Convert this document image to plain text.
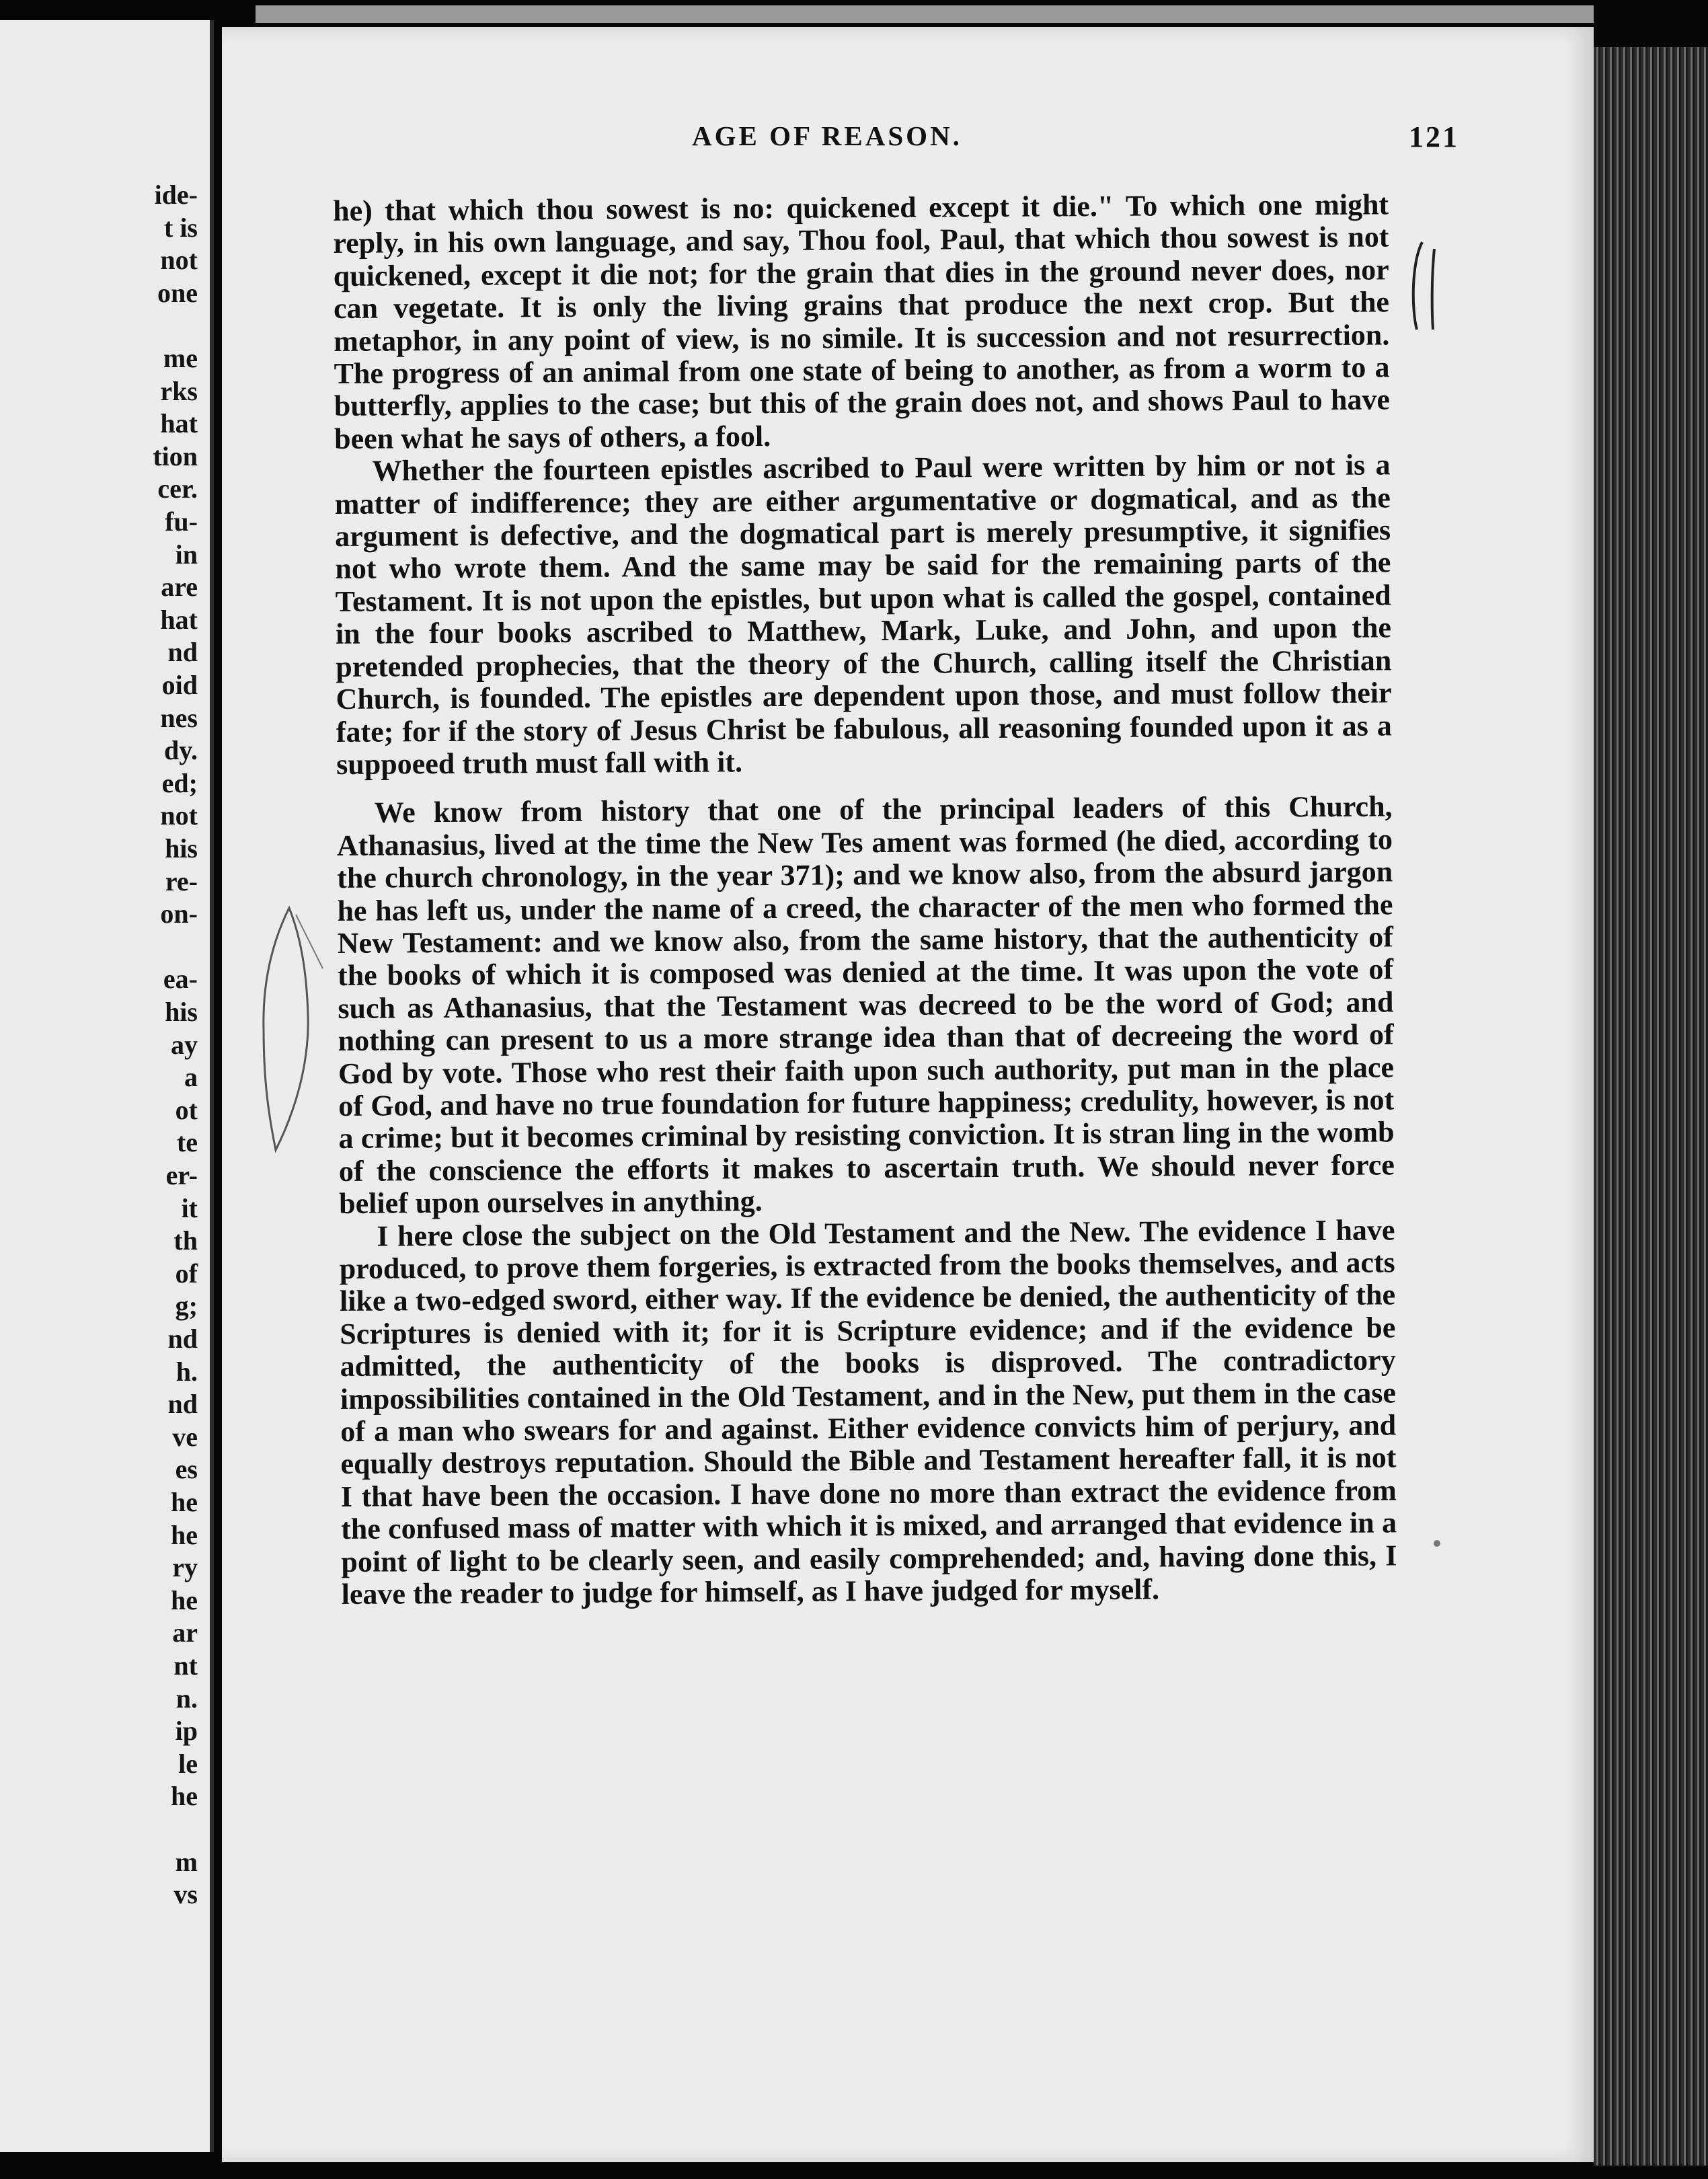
ide-
t is
not
one
me
rks
hat
tion
cer.
fu-
in
are
hat
nd
oid
nes
dy.
ed;
not
his
re-
on-
ea-
his
ay
a
ot
te
er-
it
th
of
g;
nd
h.
nd
ve
es
he
he
ry
he
ar
nt
n.
ip
le
he
m
vs
AGE OF REASON.	121

he) that which thou sowest is no: quickened except it die." To which one might reply, in his own language, and say, Thou fool, Paul, that which thou sowest is not quickened, except it die not; for the grain that dies in the ground never does, nor can vegetate. It is only the living grains that produce the next crop. But the metaphor, in any point of view, is no simile. It is succession and not resurrection. The progress of an animal from one state of being to another, as from a worm to a butterfly, applies to the case; but this of the grain does not, and shows Paul to have been what he says of others, a fool.

Whether the fourteen epistles ascribed to Paul were written by him or not is a matter of indifference; they are either argumentative or dogmatical, and as the argument is defective, and the dogmatical part is merely presumptive, it signifies not who wrote them. And the same may be said for the remaining parts of the Testament. It is not upon the epistles, but upon what is called the gospel, contained in the four books ascribed to Matthew, Mark, Luke, and John, and upon the pretended prophecies, that the theory of the Church, calling itself the Christian Church, is founded. The epistles are dependent upon those, and must follow their fate; for if the story of Jesus Christ be fabulous, all reasoning founded upon it as a suppoeed truth must fall with it.

We know from history that one of the principal leaders of this Church, Athanasius, lived at the time the New Tes ament was formed (he died, according to the church chronology, in the year 371); and we know also, from the absurd jargon he has left us, under the name of a creed, the character of the men who formed the New Testament: and we know also, from the same history, that the authenticity of the books of which it is composed was denied at the time. It was upon the vote of such as Athanasius, that the Testament was decreed to be the word of God; and nothing can present to us a more strange idea than that of decreeing the word of God by vote. Those who rest their faith upon such authority, put man in the place of God, and have no true foundation for future happiness; credulity, however, is not a crime; but it becomes criminal by resisting conviction. It is stran ling in the womb of the conscience the efforts it makes to ascertain truth. We should never force belief upon ourselves in anything.

I here close the subject on the Old Testament and the New. The evidence I have produced, to prove them forgeries, is extracted from the books themselves, and acts like a two-edged sword, either way. If the evidence be denied, the authenticity of the Scriptures is denied with it; for it is Scripture evidence; and if the evidence be admitted, the authenticity of the books is disproved. The contradictory impossibilities contained in the Old Testament, and in the New, put them in the case of a man who swears for and against. Either evidence convicts him of perjury, and equally destroys reputation. Should the Bible and Testament hereafter fall, it is not I that have been the occasion. I have done no more than extract the evidence from the confused mass of matter with which it is mixed, and arranged that evidence in a point of light to be clearly seen, and easily comprehended; and, having done this, I leave the reader to judge for himself, as I have judged for myself.
